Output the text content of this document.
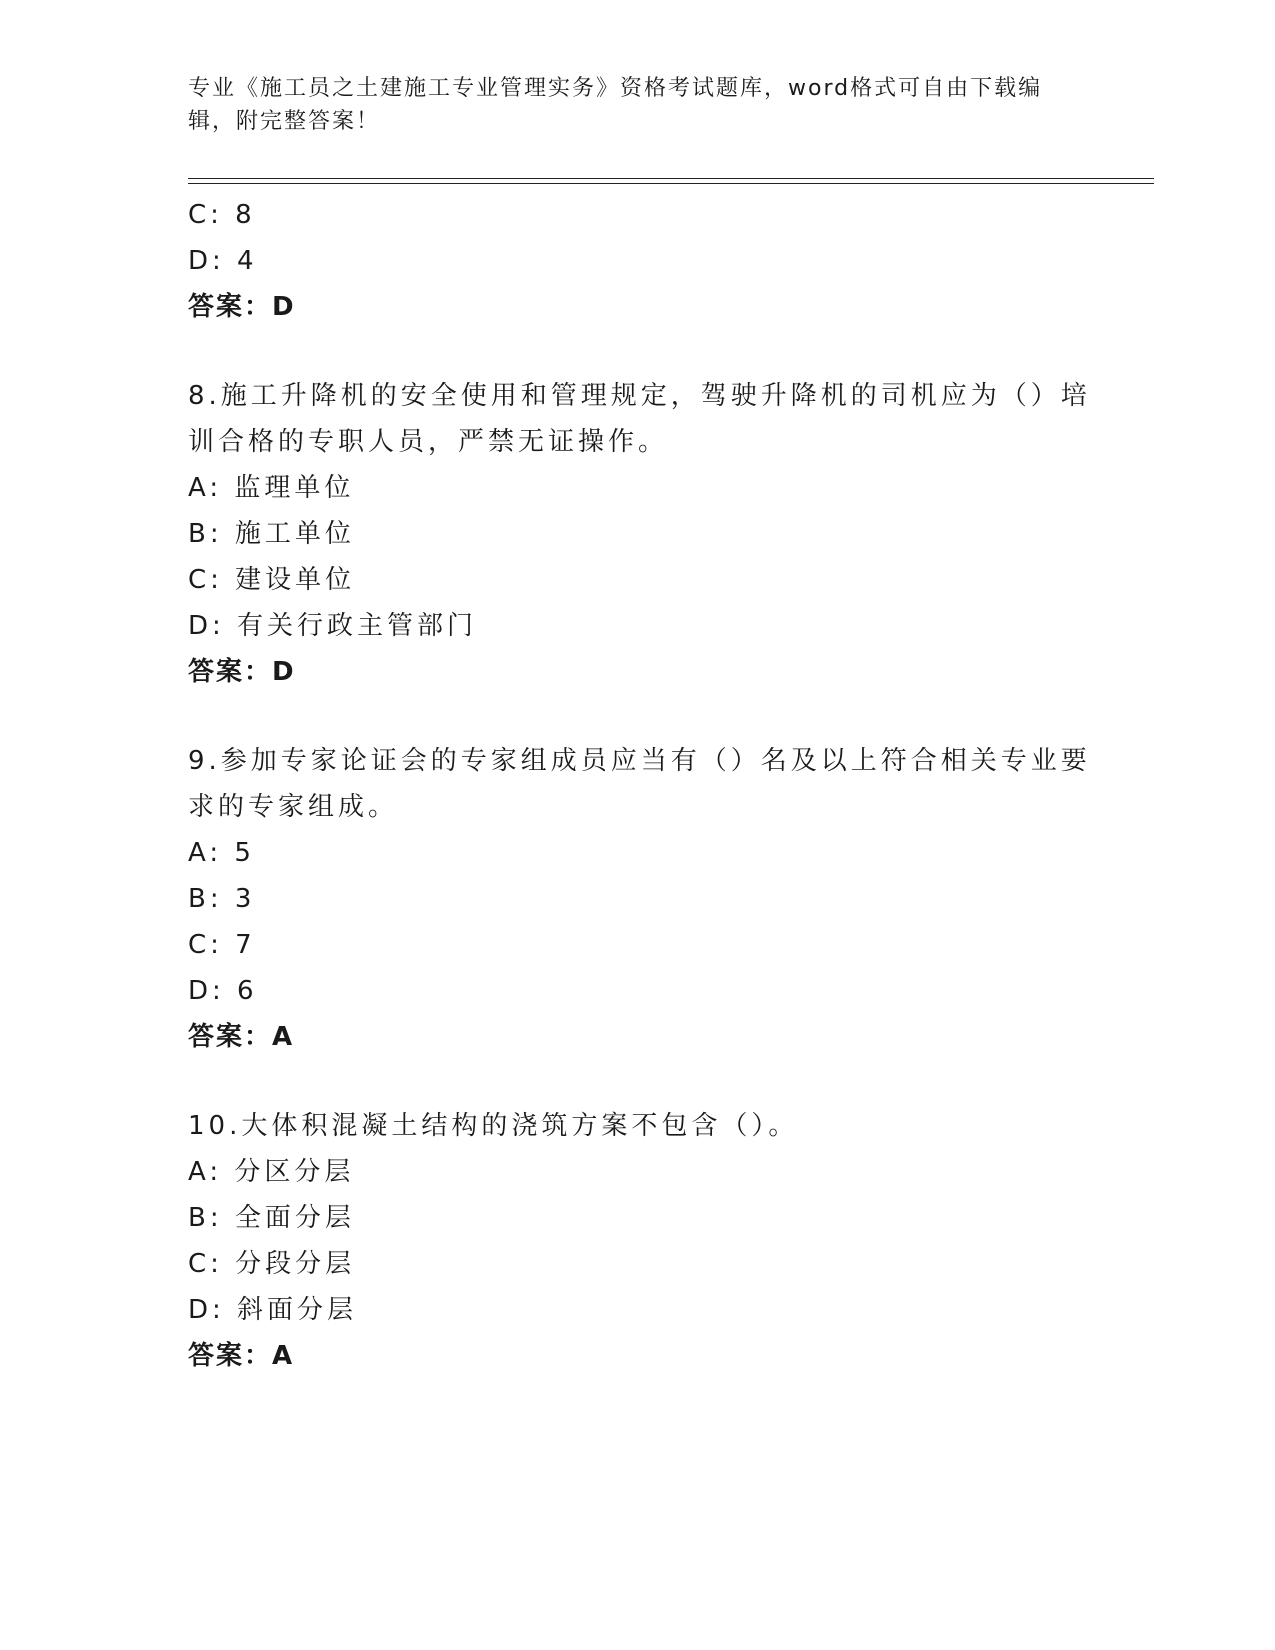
专业《施工员之土建施工专业管理实务》资格考试题库，word格式可自由下载编
辑，附完整答案！
C: 8
D: 4
答案：D
8.施工升降机的安全使用和管理规定，驾驶升降机的司机应为（）培
训合格的专职人员，严禁无证操作。
A: 监理单位
B: 施工单位
C: 建设单位
D: 有关行政主管部门
答案：D
9.参加专家论证会的专家组成员应当有（）名及以上符合相关专业要
求的专家组成。
A: 5
B: 3
C: 7
D: 6
答案：A
10.大体积混凝土结构的浇筑方案不包含（）。
A: 分区分层
B: 全面分层
C: 分段分层
D: 斜面分层
答案：A
